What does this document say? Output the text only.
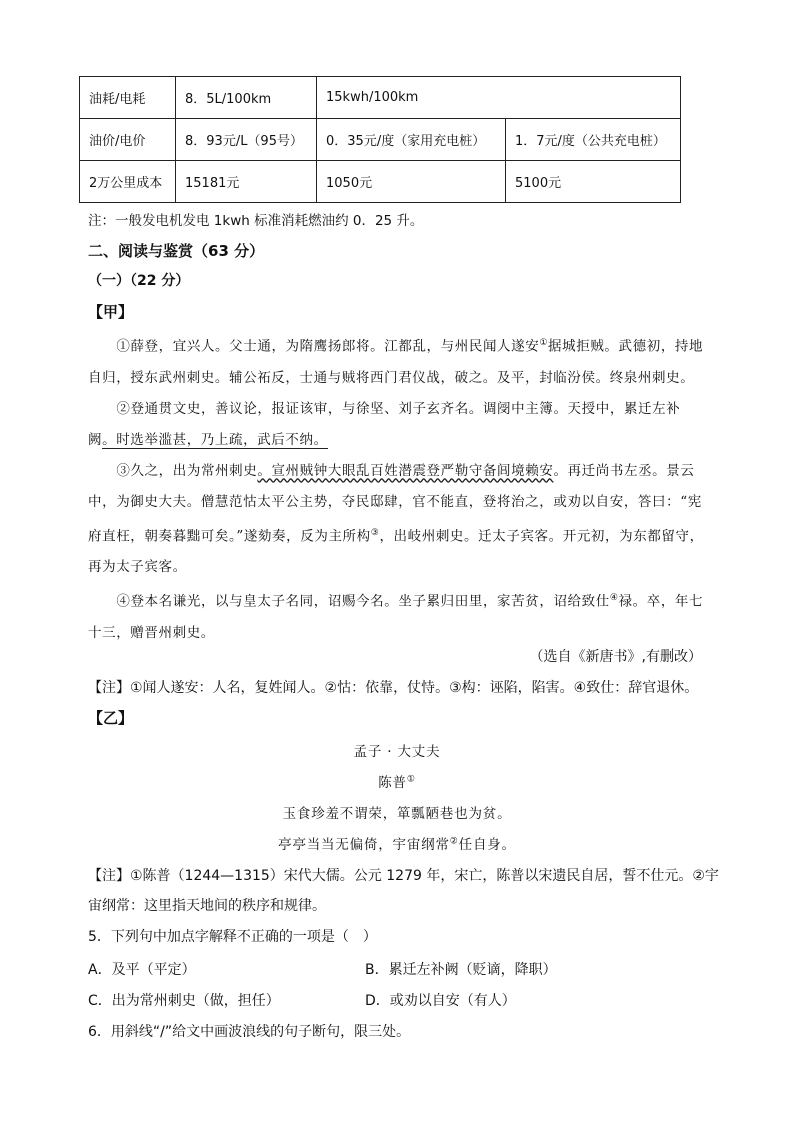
油耗/电耗	8．5L/100km	15kwh/100km	
油价/电价	8．93元/L（95号）	0．35元/度（家用充电桩）	1．7元/度（公共充电桩）
2万公里成本	15181元	1050元	5100元
注：一般发电机发电 1kwh 标准消耗燃油约 0．25 升。
二、阅读与鉴赏（63 分）
（一）（22 分）
【甲】

①薛登，宜兴人。父士通，为隋鹰扬郎将。江都乱，与州民闻人遂安①据城拒贼。武德初，持地自归，授东武州刺史。辅公祏反，士通与贼将西门君仪战，破之。及平，封临汾侯。终泉州刺史。

②登通贯文史，善议论，报证该审，与徐坚、刘子玄齐名。调阌中主簿。天授中，累迁左补阙。时选举滥甚，乃上疏，武后不纳。

③久之，出为常州刺史。宣州贼钟大眼乱百姓潜震登严勒守备闾境赖安。再迁尚书左丞。景云中，为御史大夫。僧慧范怙太平公主势，夺民邸肆，官不能直，登将治之，或劝以自安，答曰：“宪府直枉，朝奏暮黜可矣。”遂劾奏，反为主所构③，出岐州刺史。迁太子宾客。开元初，为东都留守，再为太子宾客。

④登本名谦光，以与皇太子名同，诏赐今名。坐子累归田里，家苦贫，诏给致仕④禄。卒，年七十三，赠晋州刺史。

（选自《新唐书》,有删改）
【注】①闻人遂安：人名，复姓闻人。②怙：依靠，仗恃。③构：诬陷，陷害。④致仕：辞官退休。
【乙】
孟子 · 大丈夫
陈普①
玉食珍羞不谓荣，箪瓢陋巷也为贫。
亭亭当当无偏倚，宇宙纲常②任自身。
【注】①陈普（1244—1315）宋代大儒。公元 1279 年，宋亡，陈普以宋遗民自居，誓不仕元。②宇
宙纲常：这里指天地间的秩序和规律。
5．下列句中加点字解释不正确的一项是（　）
A．及平（平定）	B．累迁左补阙（贬谪，降职）
C．出为常州刺史（做，担任）	D．或劝以自安（有人）
6．用斜线“/”给文中画波浪线的句子断句，限三处。
